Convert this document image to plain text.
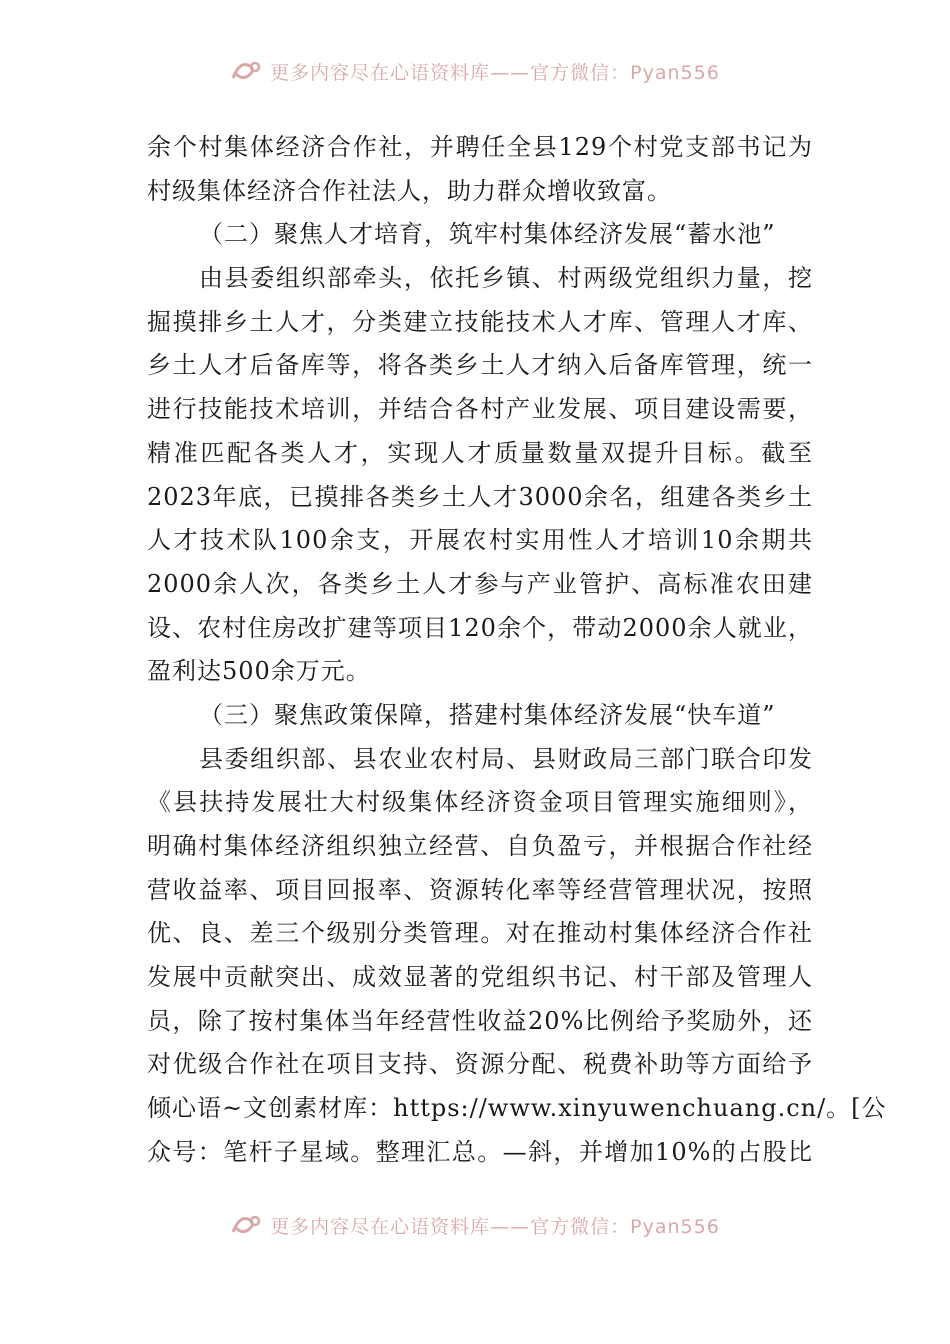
更多内容尽在心语资料库——官方微信：Pyan556
余个村集体经济合作社，并聘任全县129个村党支部书记为
村级集体经济合作社法人，助力群众增收致富。
（二）聚焦人才培育，筑牢村集体经济发展“蓄水池”
由县委组织部牵头，依托乡镇、村两级党组织力量，挖
掘摸排乡土人才，分类建立技能技术人才库、管理人才库、
乡土人才后备库等，将各类乡土人才纳入后备库管理，统一
进行技能技术培训，并结合各村产业发展、项目建设需要，
精准匹配各类人才，实现人才质量数量双提升目标。截至
2023年底，已摸排各类乡土人才3000余名，组建各类乡土
人才技术队100余支，开展农村实用性人才培训10余期共
2000余人次，各类乡土人才参与产业管护、高标准农田建
设、农村住房改扩建等项目120余个，带动2000余人就业，
盈利达500余万元。
（三）聚焦政策保障，搭建村集体经济发展“快车道”
县委组织部、县农业农村局、县财政局三部门联合印发
《县扶持发展壮大村级集体经济资金项目管理实施细则》，
明确村集体经济组织独立经营、自负盈亏，并根据合作社经
营收益率、项目回报率、资源转化率等经营管理状况，按照
优、良、差三个级别分类管理。对在推动村集体经济合作社
发展中贡献突出、成效显著的党组织书记、村干部及管理人
员，除了按村集体当年经营性收益20%比例给予奖励外，还
对优级合作社在项目支持、资源分配、税费补助等方面给予
倾心语~文创素材库：https://www.xinyuwenchuang.cn/。[公
众号：笔杆子星域。整理汇总。—斜，并增加10%的占股比
更多内容尽在心语资料库——官方微信：Pyan556
